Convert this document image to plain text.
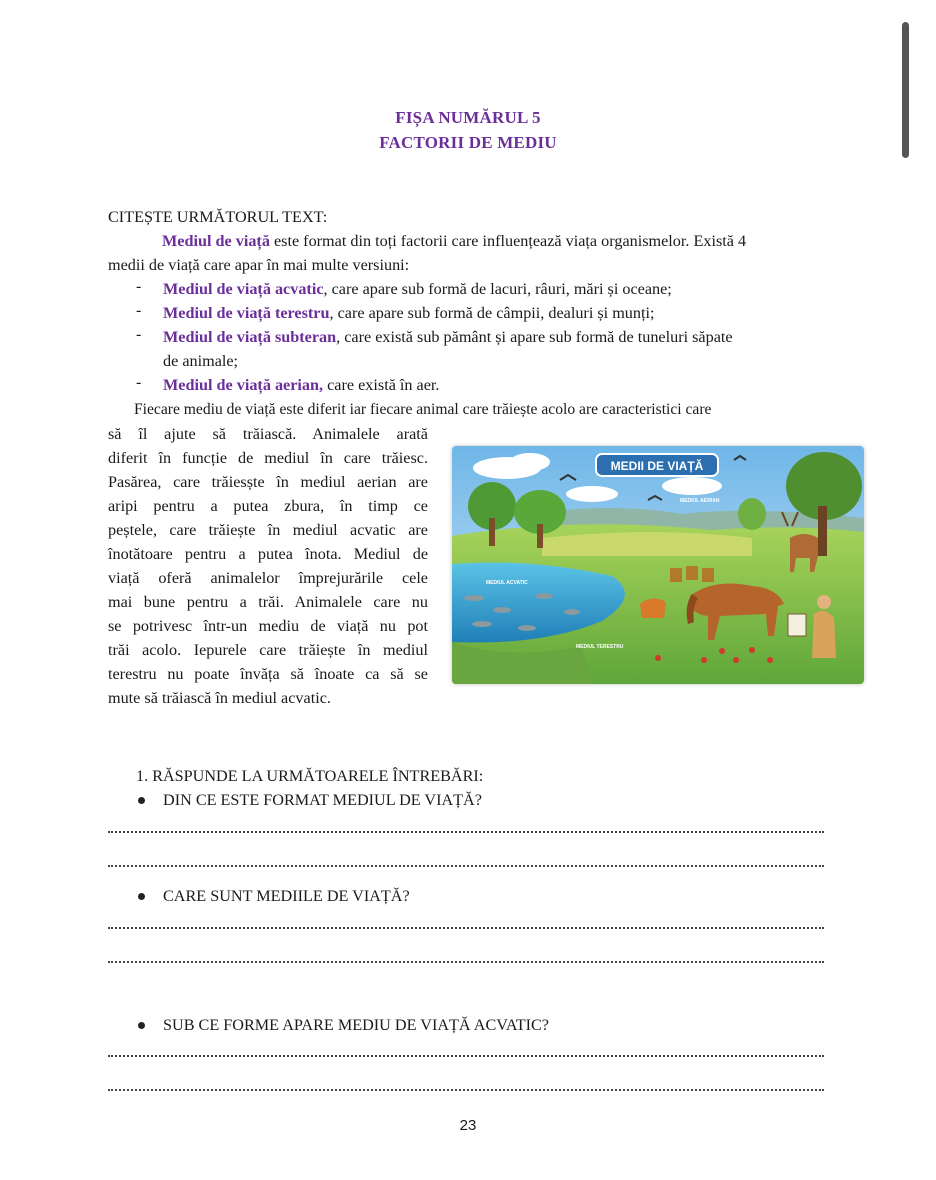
FIȘA NUMĂRUL 5
FACTORII DE MEDIU
CITEȘTE URMĂTORUL TEXT:
Mediul de viață este format din toți factorii care influențează viața organismelor. Există 4
medii de viață care apar în mai multe versiuni:
- Mediul de viață acvatic, care apare sub formă de lacuri, râuri, mări și oceane;
- Mediul de viață terestru, care apare sub formă de câmpii, dealuri și munți;
- Mediul de viață subteran, care există sub pământ și apare sub formă de tuneluri săpate
de animale;
- Mediul de viață aerian, care există în aer.
Fiecare mediu de viață este diferit iar fiecare animal care trăiește acolo are caracteristici care
să îl ajute să trăiască. Animalele arată
diferit în funcție de mediul în care trăiesc.
Pasărea, care trăiesște în mediul aerian are
aripi pentru a putea zbura, în timp ce
peștele, care trăiește în mediul acvatic are
înotătoare pentru a putea înota. Mediul de
viață oferă animalelor împrejurările cele
mai bune pentru a trăi. Animalele care nu
se potrivesc într-un mediu de viață nu pot
trăi acolo. Iepurele care trăiește în mediul
terestru nu poate învăța să înoate ca să se
mute să trăiască în mediul acvatic.
MEDII DE VIAȚĂ
MEDIUL AERIAN
MEDIUL ACVATIC
MEDIUL TERESTRU
1. RĂSPUNDE LA URMĂTOARELE ÎNTREBĂRI:
DIN CE ESTE FORMAT MEDIUL DE VIAȚĂ?
CARE SUNT MEDIILE DE VIAȚĂ?
SUB CE FORME APARE MEDIU DE VIAȚĂ ACVATIC?
23
